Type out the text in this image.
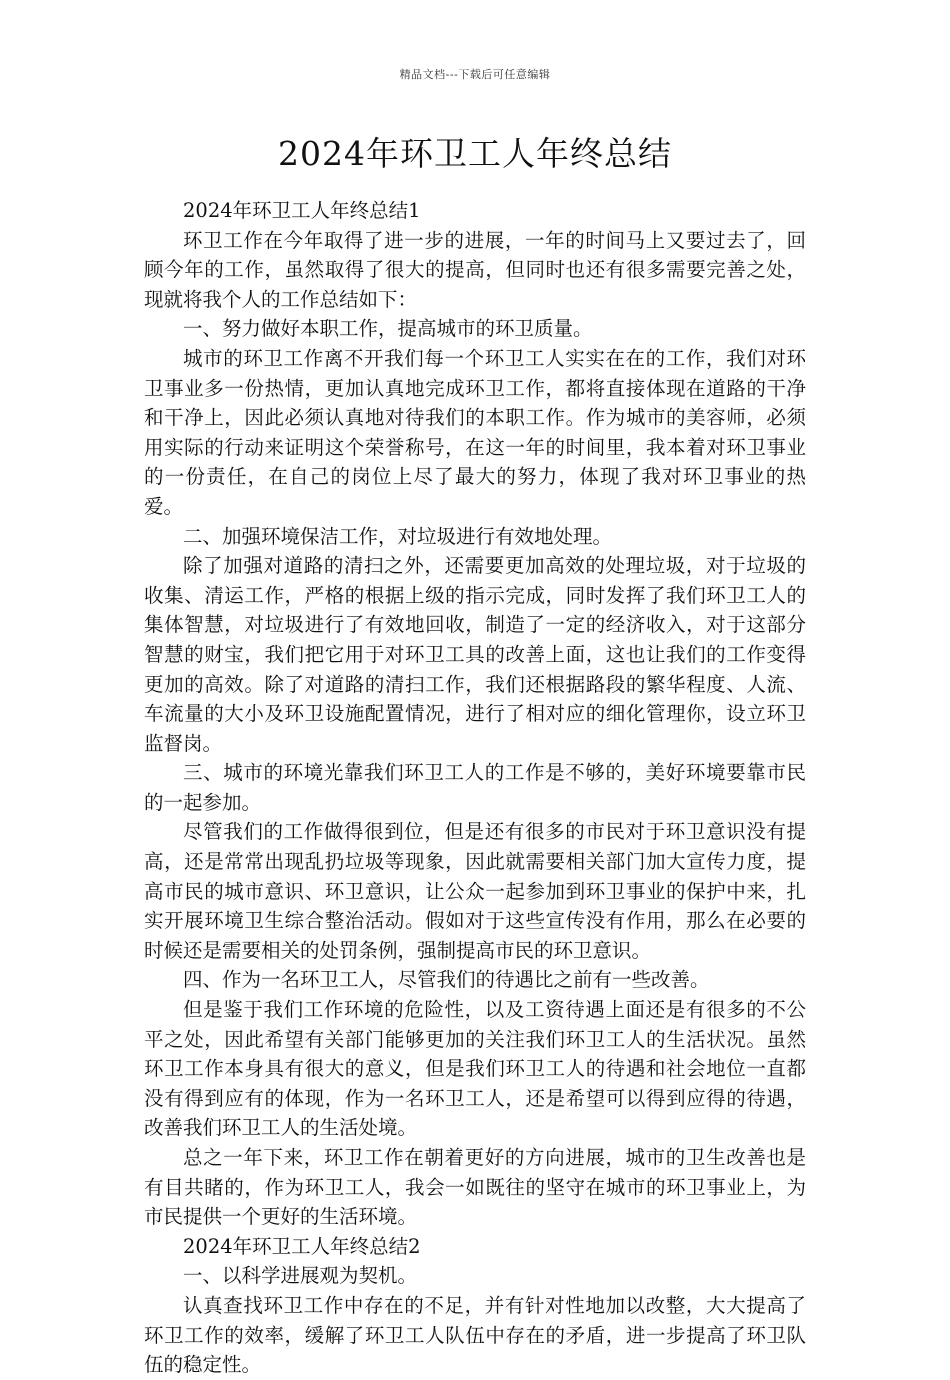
精品文档---下载后可任意编辑
2024年环卫工人年终总结

2024年环卫工人年终总结1

环卫工作在今年取得了进一步的进展，一年的时间马上又要过去了，回顾今年的工作，虽然取得了很大的提高，但同时也还有很多需要完善之处，现就将我个人的工作总结如下：

一、努力做好本职工作，提高城市的环卫质量。

城市的环卫工作离不开我们每一个环卫工人实实在在的工作，我们对环卫事业多一份热情，更加认真地完成环卫工作，都将直接体现在道路的干净和干净上，因此必须认真地对待我们的本职工作。作为城市的美容师，必须用实际的行动来证明这个荣誉称号，在这一年的时间里，我本着对环卫事业的一份责任，在自己的岗位上尽了最大的努力，体现了我对环卫事业的热爱。

二、加强环境保洁工作，对垃圾进行有效地处理。

除了加强对道路的清扫之外，还需要更加高效的处理垃圾，对于垃圾的收集、清运工作，严格的根据上级的指示完成，同时发挥了我们环卫工人的集体智慧，对垃圾进行了有效地回收，制造了一定的经济收入，对于这部分智慧的财宝，我们把它用于对环卫工具的改善上面，这也让我们的工作变得更加的高效。除了对道路的清扫工作，我们还根据路段的繁华程度、人流、车流量的大小及环卫设施配置情况，进行了相对应的细化管理你，设立环卫监督岗。

三、城市的环境光靠我们环卫工人的工作是不够的，美好环境要靠市民的一起参加。

尽管我们的工作做得很到位，但是还有很多的市民对于环卫意识没有提高，还是常常出现乱扔垃圾等现象，因此就需要相关部门加大宣传力度，提高市民的城市意识、环卫意识，让公众一起参加到环卫事业的保护中来，扎实开展环境卫生综合整治活动。假如对于这些宣传没有作用，那么在必要的时候还是需要相关的处罚条例，强制提高市民的环卫意识。

四、作为一名环卫工人，尽管我们的待遇比之前有一些改善。

但是鉴于我们工作环境的危险性，以及工资待遇上面还是有很多的不公平之处，因此希望有关部门能够更加的关注我们环卫工人的生活状况。虽然环卫工作本身具有很大的意义，但是我们环卫工人的待遇和社会地位一直都没有得到应有的体现，作为一名环卫工人，还是希望可以得到应得的待遇，改善我们环卫工人的生活处境。

总之一年下来，环卫工作在朝着更好的方向进展，城市的卫生改善也是有目共睹的，作为环卫工人，我会一如既往的坚守在城市的环卫事业上，为市民提供一个更好的生活环境。

2024年环卫工人年终总结2

一、以科学进展观为契机。

认真查找环卫工作中存在的不足，并有针对性地加以改整，大大提高了环卫工作的效率，缓解了环卫工人队伍中存在的矛盾，进一步提高了环卫队伍的稳定性。
